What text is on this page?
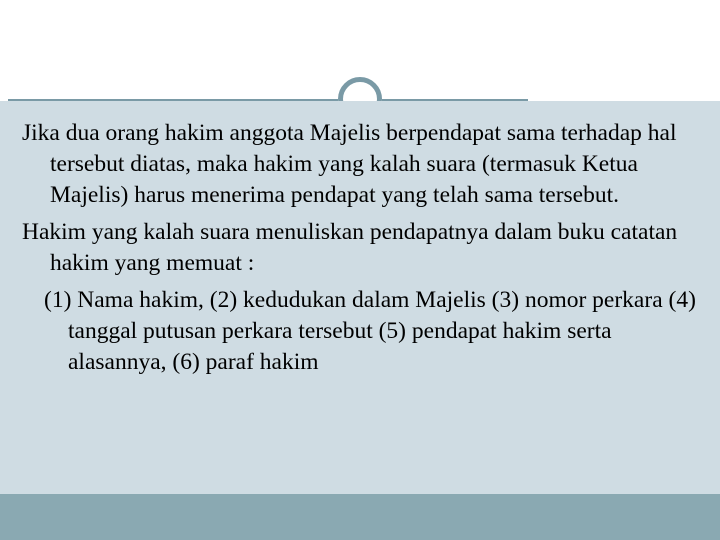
Jika dua orang hakim anggota Majelis berpendapat sama terhadap hal tersebut diatas, maka hakim yang kalah suara (termasuk Ketua Majelis) harus menerima pendapat yang telah sama tersebut.

Hakim yang kalah suara menuliskan pendapatnya dalam buku catatan hakim yang memuat :

(1) Nama hakim, (2) kedudukan dalam Majelis (3) nomor perkara (4) tanggal putusan perkara tersebut (5) pendapat hakim serta alasannya, (6) paraf hakim
